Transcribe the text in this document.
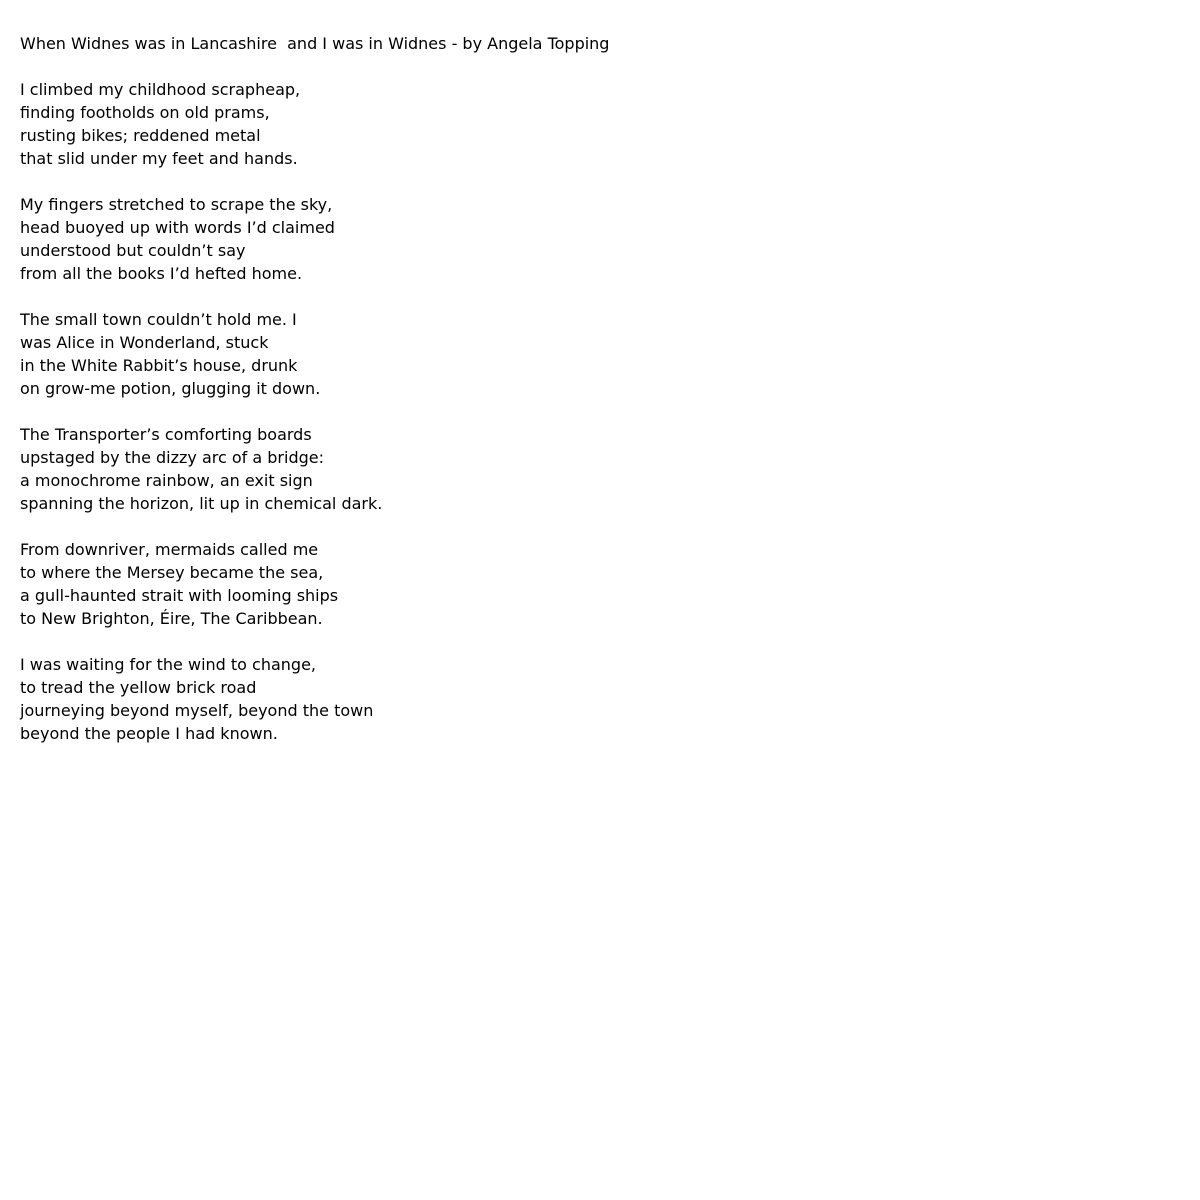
When Widnes was in Lancashire  and I was in Widnes - by Angela Topping
I climbed my childhood scrapheap,
finding footholds on old prams,
rusting bikes; reddened metal
that slid under my feet and hands.
My fingers stretched to scrape the sky,
head buoyed up with words I’d claimed
understood but couldn’t say
from all the books I’d hefted home.
The small town couldn’t hold me. I
was Alice in Wonderland, stuck
in the White Rabbit’s house, drunk
on grow-me potion, glugging it down.
The Transporter’s comforting boards
upstaged by the dizzy arc of a bridge:
a monochrome rainbow, an exit sign
spanning the horizon, lit up in chemical dark.
From downriver, mermaids called me
to where the Mersey became the sea,
a gull-haunted strait with looming ships
to New Brighton, Éire, The Caribbean.
I was waiting for the wind to change,
to tread the yellow brick road
journeying beyond myself, beyond the town
beyond the people I had known.
